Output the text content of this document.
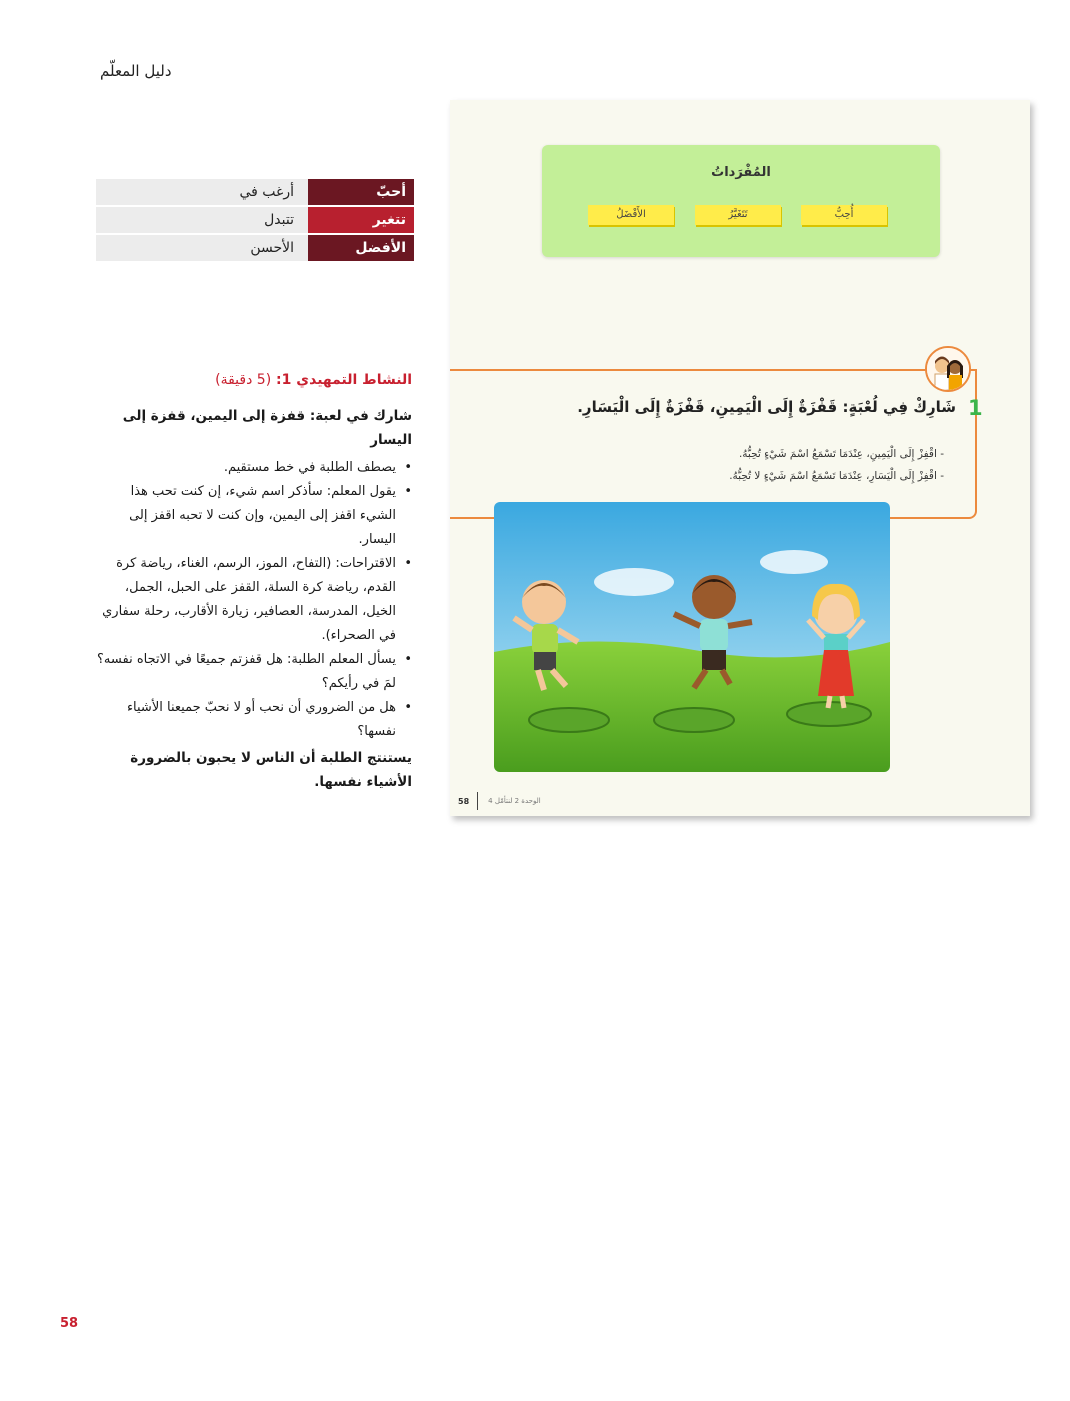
دليل المعلّم
أرغب في	أحبّ
تتبدل	تتغير
الأحسن	الأفضل
النشاط التمهيدي 1: (5 دقيقة)
شارك في لعبة: قفزة إلى اليمين، قفزة إلى اليسار
• يصطف الطلبة في خط مستقيم.
• يقول المعلم: سأذكر اسم شيء، إن كنت تحب هذا الشيء اقفز إلى اليمين، وإن كنت لا تحبه اقفز إلى اليسار.
• الاقتراحات: (التفاح، الموز، الرسم، الغناء، رياضة كرة القدم، رياضة كرة السلة، القفز على الحبل، الجمل، الخيل، المدرسة، العصافير، زيارة الأقارب، رحلة سفاري في الصحراء).
• يسأل المعلم الطلبة: هل قفزتم جميعًا في الاتجاه نفسه؟ لمَ في رأيكم؟
• هل من الضروري أن نحب أو لا نحبّ جميعنا الأشياء نفسها؟
يستنتج الطلبة أن الناس لا يحبون بالضرورة الأشياء نفسها.
المُفْرَداتُ
أُحِبُّ
تَتَغَيَّرُ
الأَفْضَلُ
1
شَارِكْ فِي لُعْبَةٍ: قَفْزَةٌ إِلَى الْيَمِينِ، قَفْزَةٌ إِلَى الْيَسَارِ.
- اقْفِزْ إِلَى الْيَمِينِ، عِنْدَمَا تَسْمَعُ اسْمَ شَيْءٍ تُحِبُّهُ.
- اقْفِزْ إِلَى الْيَسَارِ، عِنْدَمَا تَسْمَعُ اسْمَ شَيْءٍ لا تُحِبُّهُ.
58	الوحدة 2 لنتأمّل 4
58
